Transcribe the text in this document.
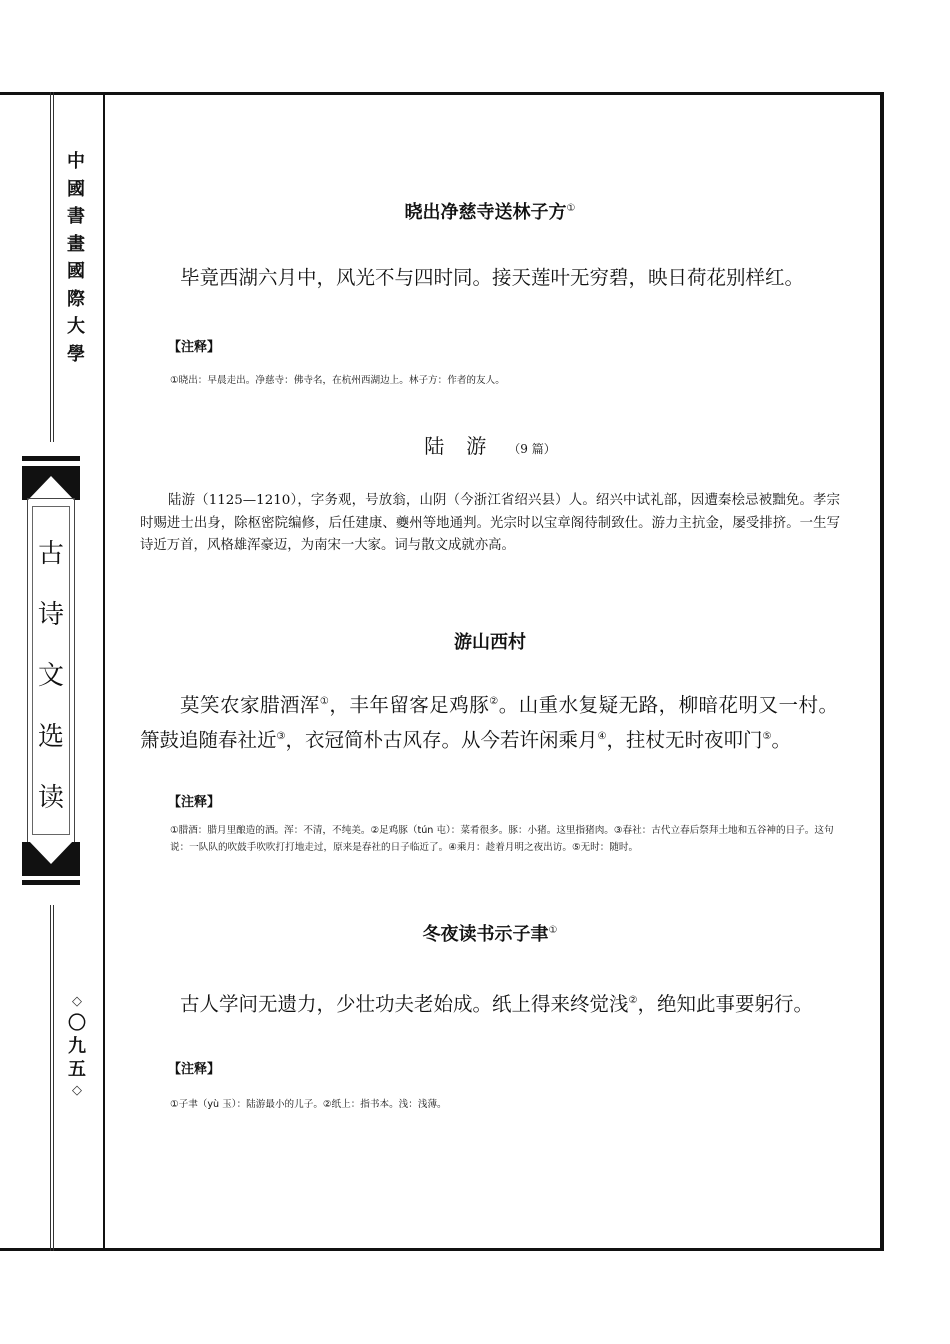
中
國
書
畫
國
際
大
學
古
诗
文
选
读
◇
〇
九
五
◇
晓出净慈寺送林子方①
毕竟西湖六月中，风光不与四时同。接天莲叶无穷碧，映日荷花别样红。
【注释】
①晓出：早晨走出。净慈寺：佛寺名，在杭州西湖边上。林子方：作者的友人。
陆 游 （9 篇）
陆游（1125—1210），字务观，号放翁，山阴（今浙江省绍兴县）人。绍兴中试礼部，因遭秦桧忌被黜免。孝宗时赐进士出身，除枢密院编修，后任建康、夔州等地通判。光宗时以宝章阁待制致仕。游力主抗金，屡受排挤。一生写诗近万首，风格雄浑豪迈，为南宋一大家。词与散文成就亦高。
游山西村
莫笑农家腊酒浑①，丰年留客足鸡豚②。山重水复疑无路，柳暗花明又一村。箫鼓追随春社近③，衣冠简朴古风存。从今若许闲乘月④，拄杖无时夜叩门⑤。
【注释】
①腊酒：腊月里酿造的酒。浑：不清，不纯美。②足鸡豚（tún 屯）：菜肴很多。豚：小猪。这里指猪肉。③春社：古代立春后祭拜土地和五谷神的日子。这句说：一队队的吹鼓手吹吹打打地走过，原来是春社的日子临近了。④乘月：趁着月明之夜出访。⑤无时：随时。
冬夜读书示子聿①
古人学问无遗力，少壮功夫老始成。纸上得来终觉浅②，绝知此事要躬行。
【注释】
①子聿（yù 玉）：陆游最小的儿子。②纸上：指书本。浅：浅薄。
